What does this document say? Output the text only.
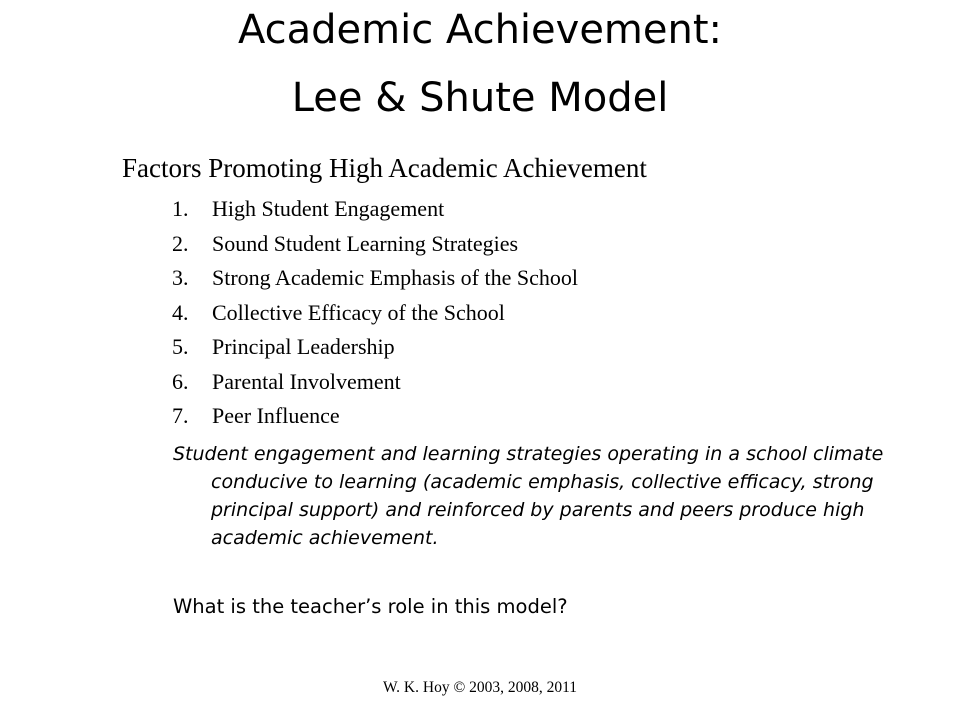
Academic Achievement:
Lee & Shute Model

Factors Promoting High Academic Achievement

1. High Student Engagement
2. Sound Student Learning Strategies
3. Strong Academic Emphasis of the School
4. Collective Efficacy of the School
5. Principal Leadership
6. Parental Involvement
7. Peer Influence

Student engagement and learning strategies operating in a school climate conducive to learning (academic emphasis, collective efficacy, strong principal support) and reinforced by parents and peers produce high academic achievement.

What is the teacher’s role in this model?

W. K. Hoy © 2003, 2008, 2011
